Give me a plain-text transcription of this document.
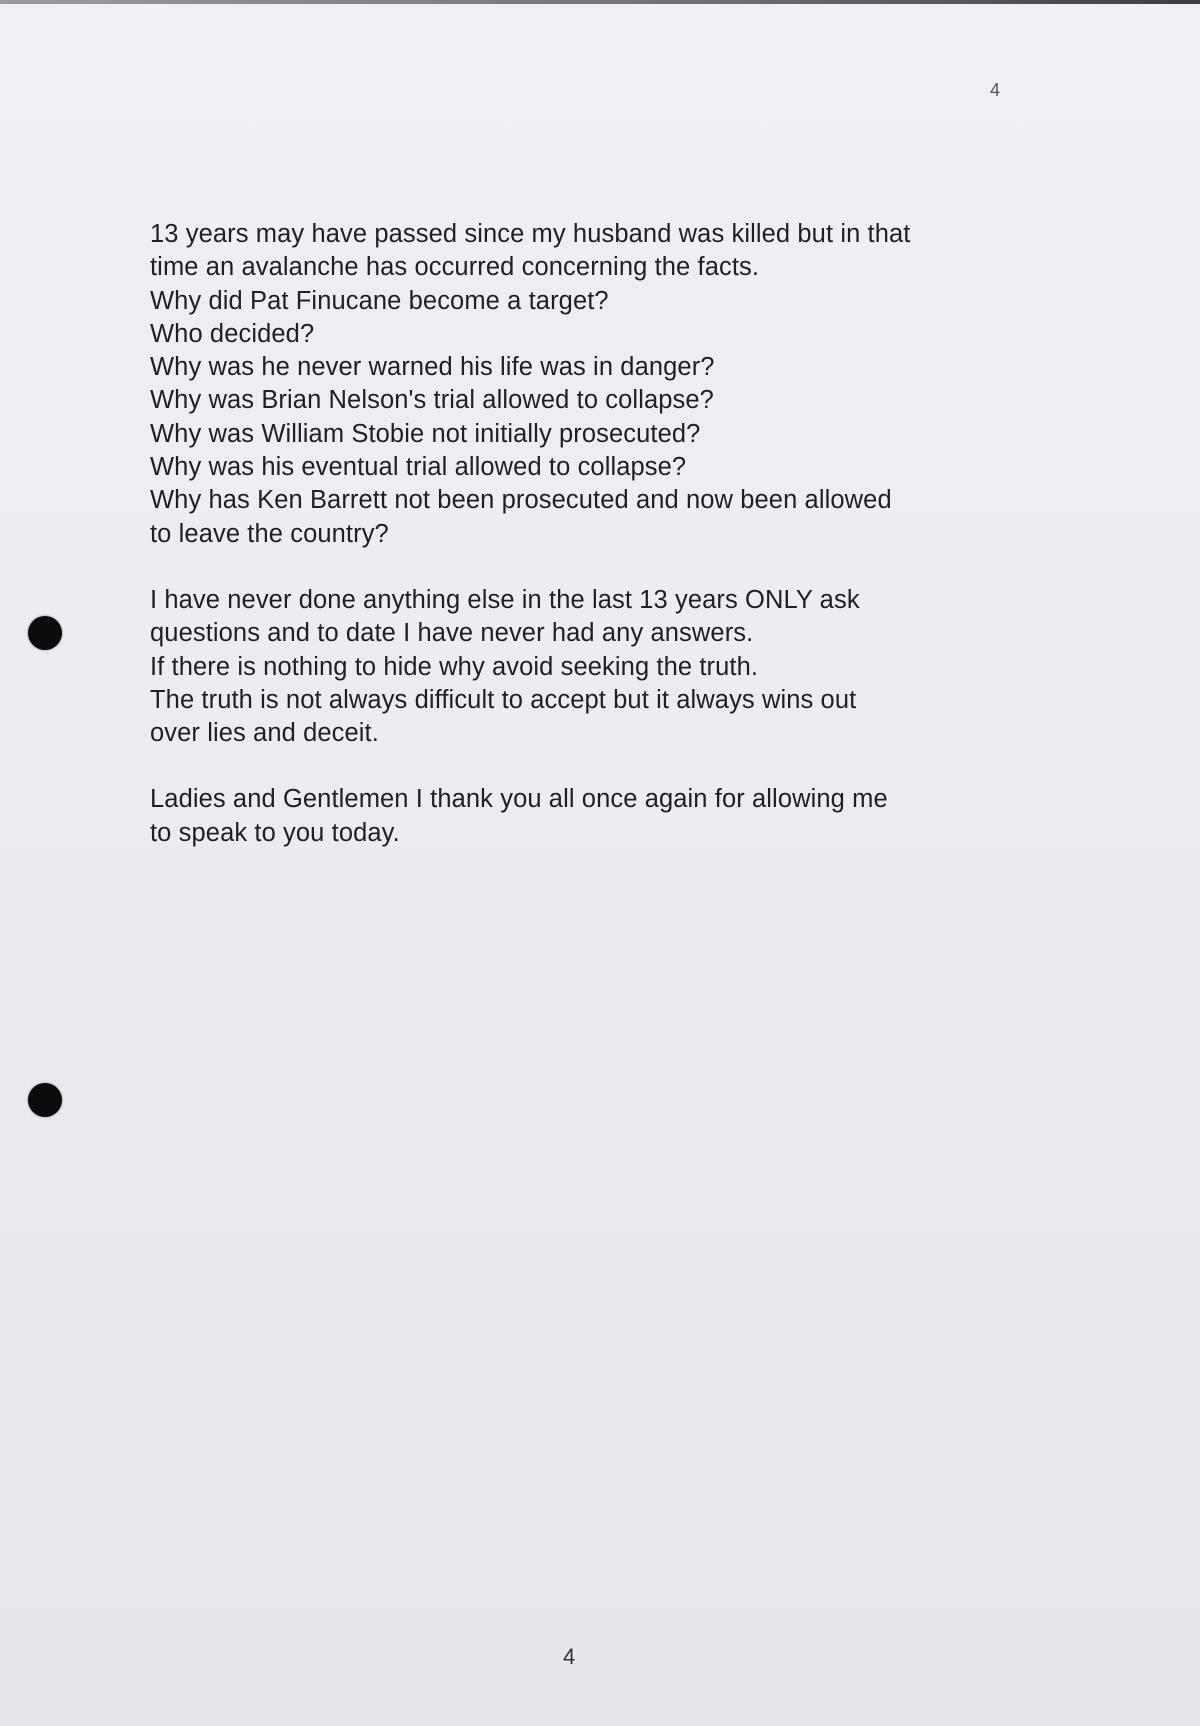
4
13 years may have passed since my husband was killed but in that
time an avalanche has occurred concerning the facts.
Why did Pat Finucane become a target?
Who decided?
Why was he never warned his life was in danger?
Why was Brian Nelson's trial allowed to collapse?
Why was William Stobie not initially prosecuted?
Why was his eventual trial allowed to collapse?
Why has Ken Barrett not been prosecuted and now been allowed
to leave the country?
I have never done anything else in the last 13 years ONLY ask
questions and to date I have never had any answers.
If there is nothing to hide why avoid seeking the truth.
The truth is not always difficult to accept but it always wins out
over lies and deceit.
Ladies and Gentlemen I thank you all once again for allowing me
to speak to you today.
4
